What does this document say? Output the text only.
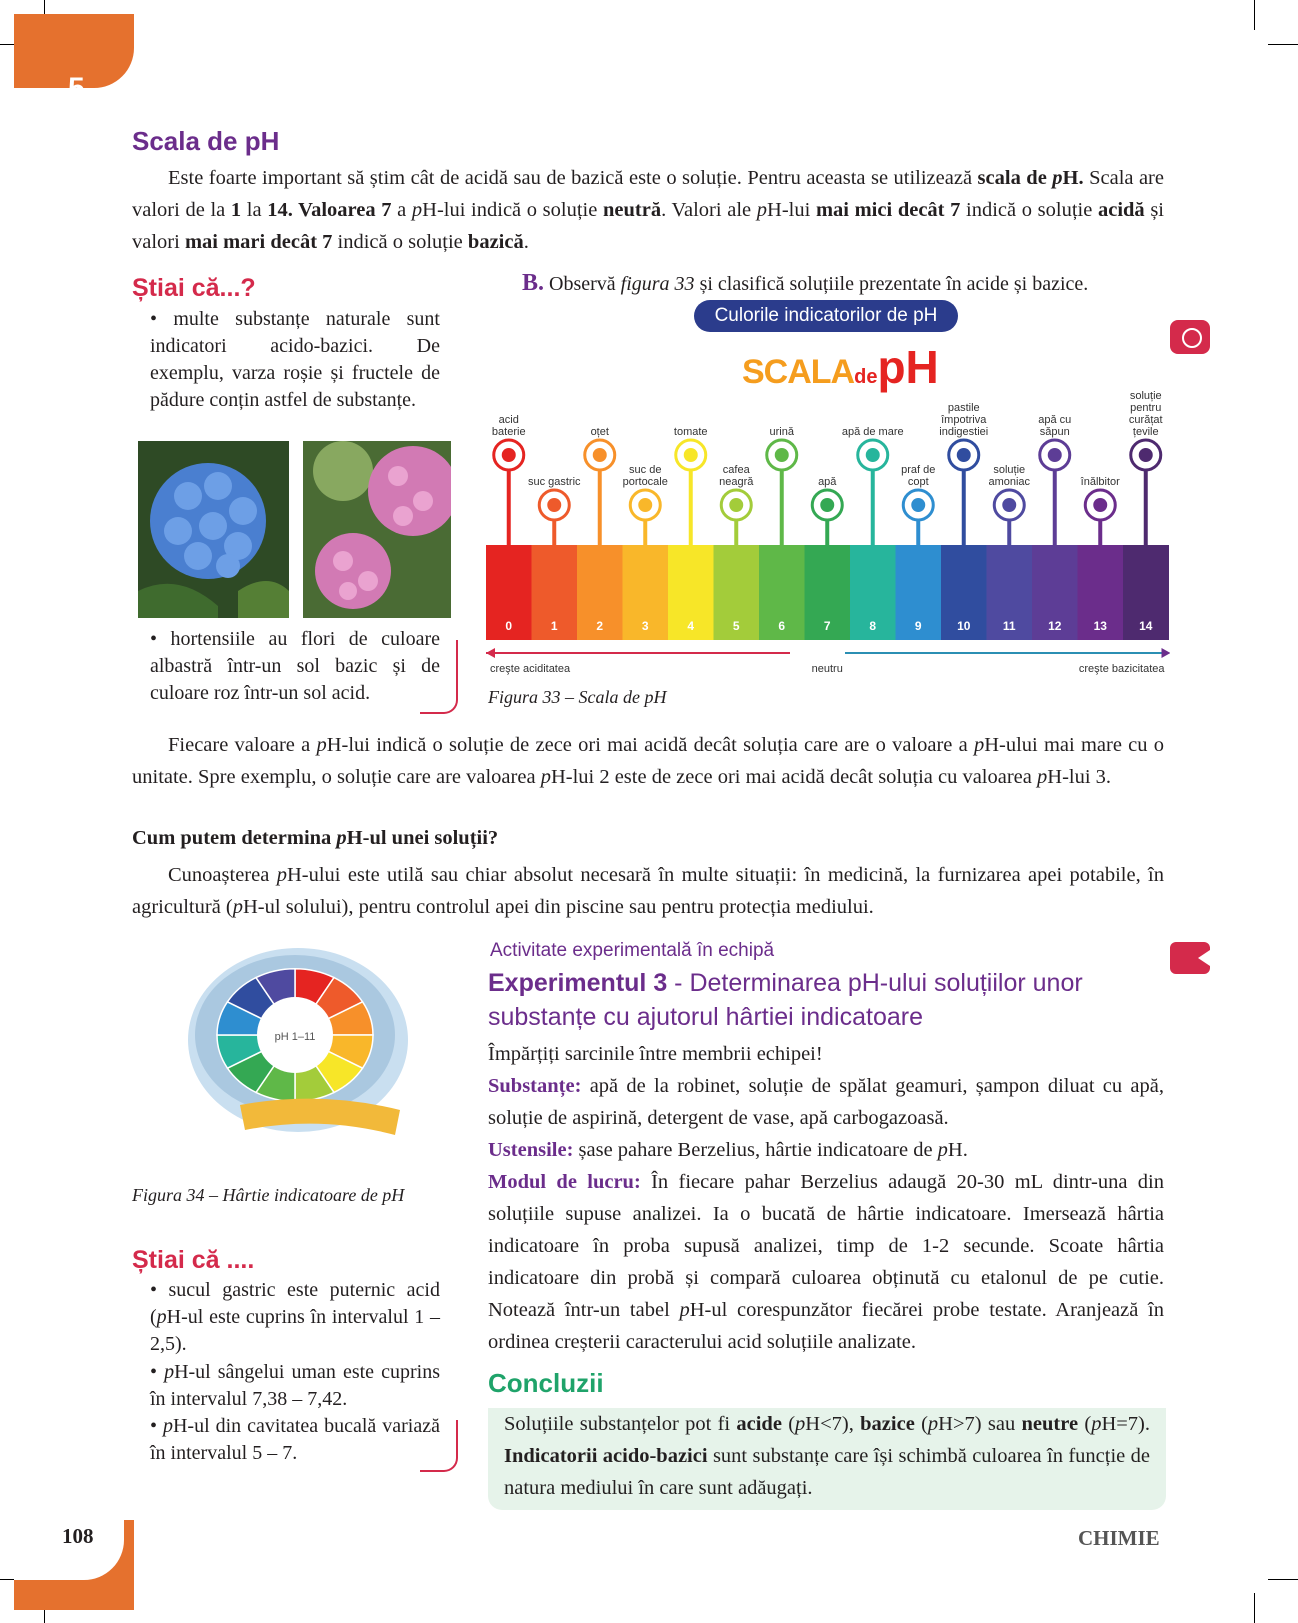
5
Scala de pH
Este foarte important să știm cât de acidă sau de bazică este o soluție. Pentru aceasta se utilizează scala de pH. Scala are valori de la 1 la 14. Valoarea 7 a pH-lui indică o soluție neutră. Valori ale pH-lui mai mici decât 7 indică o soluție acidă și valori mai mari decât 7 indică o soluție bazică.
Știai că...?
• multe substanțe naturale sunt indicatori acido-bazici. De exemplu, varza roșie și fructele de pădure conțin astfel de substanțe.
• hortensiile au flori de culoare albastră într-un sol bazic și de culoare roz într-un sol acid.
B. Observă figura 33 și clasifică soluțiile prezentate în acide și bazice.
Culorile indicatorilor de pH
SCALAdepH
0	1	2	3	4	5	6	7	8	9	10	11	12	13	14
acid
baterie
suc gastric
oțet
suc de
portocale
tomate
cafea
neagră
urină
apă
apă de mare
praf de
copt
pastile
împotriva
indigestiei
soluție
amoniac
apă cu
săpun
înălbitor
soluție
pentru
curățat
țevile
creşte aciditatea	neutru	creşte bazicitatea
Figura 33 – Scala de pH
Fiecare valoare a pH-lui indică o soluție de zece ori mai acidă decât soluția care are o valoare a pH-ului mai mare cu o unitate. Spre exemplu, o soluție care are valoarea pH-lui 2 este de zece ori mai acidă decât soluția cu valoarea pH-lui 3.
Cum putem determina pH-ul unei soluții?
Cunoașterea pH-ului este utilă sau chiar absolut necesară în multe situații: în medicină, la furnizarea apei potabile, în agricultură (pH-ul solului), pentru controlul apei din piscine sau pentru protecția mediului.
pH 1–11
Figura 34 – Hârtie indicatoare de pH
Știai că ....
• sucul gastric este puternic acid (pH-ul este cuprins în intervalul 1 – 2,5).
• pH-ul sângelui uman este cuprins în intervalul 7,38 – 7,42.
• pH-ul din cavitatea bucală variază în intervalul 5 – 7.
Activitate experimentală în echipă
Experimentul 3 - Determinarea pH-ului soluțiilor unor substanțe cu ajutorul hârtiei indicatoare
Împărțiți sarcinile între membrii echipei!
Substanțe: apă de la robinet, soluție de spălat geamuri, șampon diluat cu apă, soluție de aspirină, detergent de vase, apă carbogazoasă.
Ustensile: șase pahare Berzelius, hârtie indicatoare de pH.
Modul de lucru: În fiecare pahar Berzelius adaugă 20-30 mL dintr-una din soluțiile supuse analizei. Ia o bucată de hârtie indicatoare. Imersează hârtia indicatoare în proba supusă analizei, timp de 1-2 secunde. Scoate hârtia indicatoare din probă și compară culoarea obținută cu etalonul de pe cutie. Notează într-un tabel pH-ul corespunzător fiecărei probe testate. Aranjează în ordinea creșterii caracterului acid soluțiile analizate.
Concluzii
Soluțiile substanțelor pot fi acide (pH<7), bazice (pH>7) sau neutre (pH=7). Indicatorii acido-bazici sunt substanțe care își schimbă culoarea în funcție de natura mediului în care sunt adăugați.
108	CHIMIE
